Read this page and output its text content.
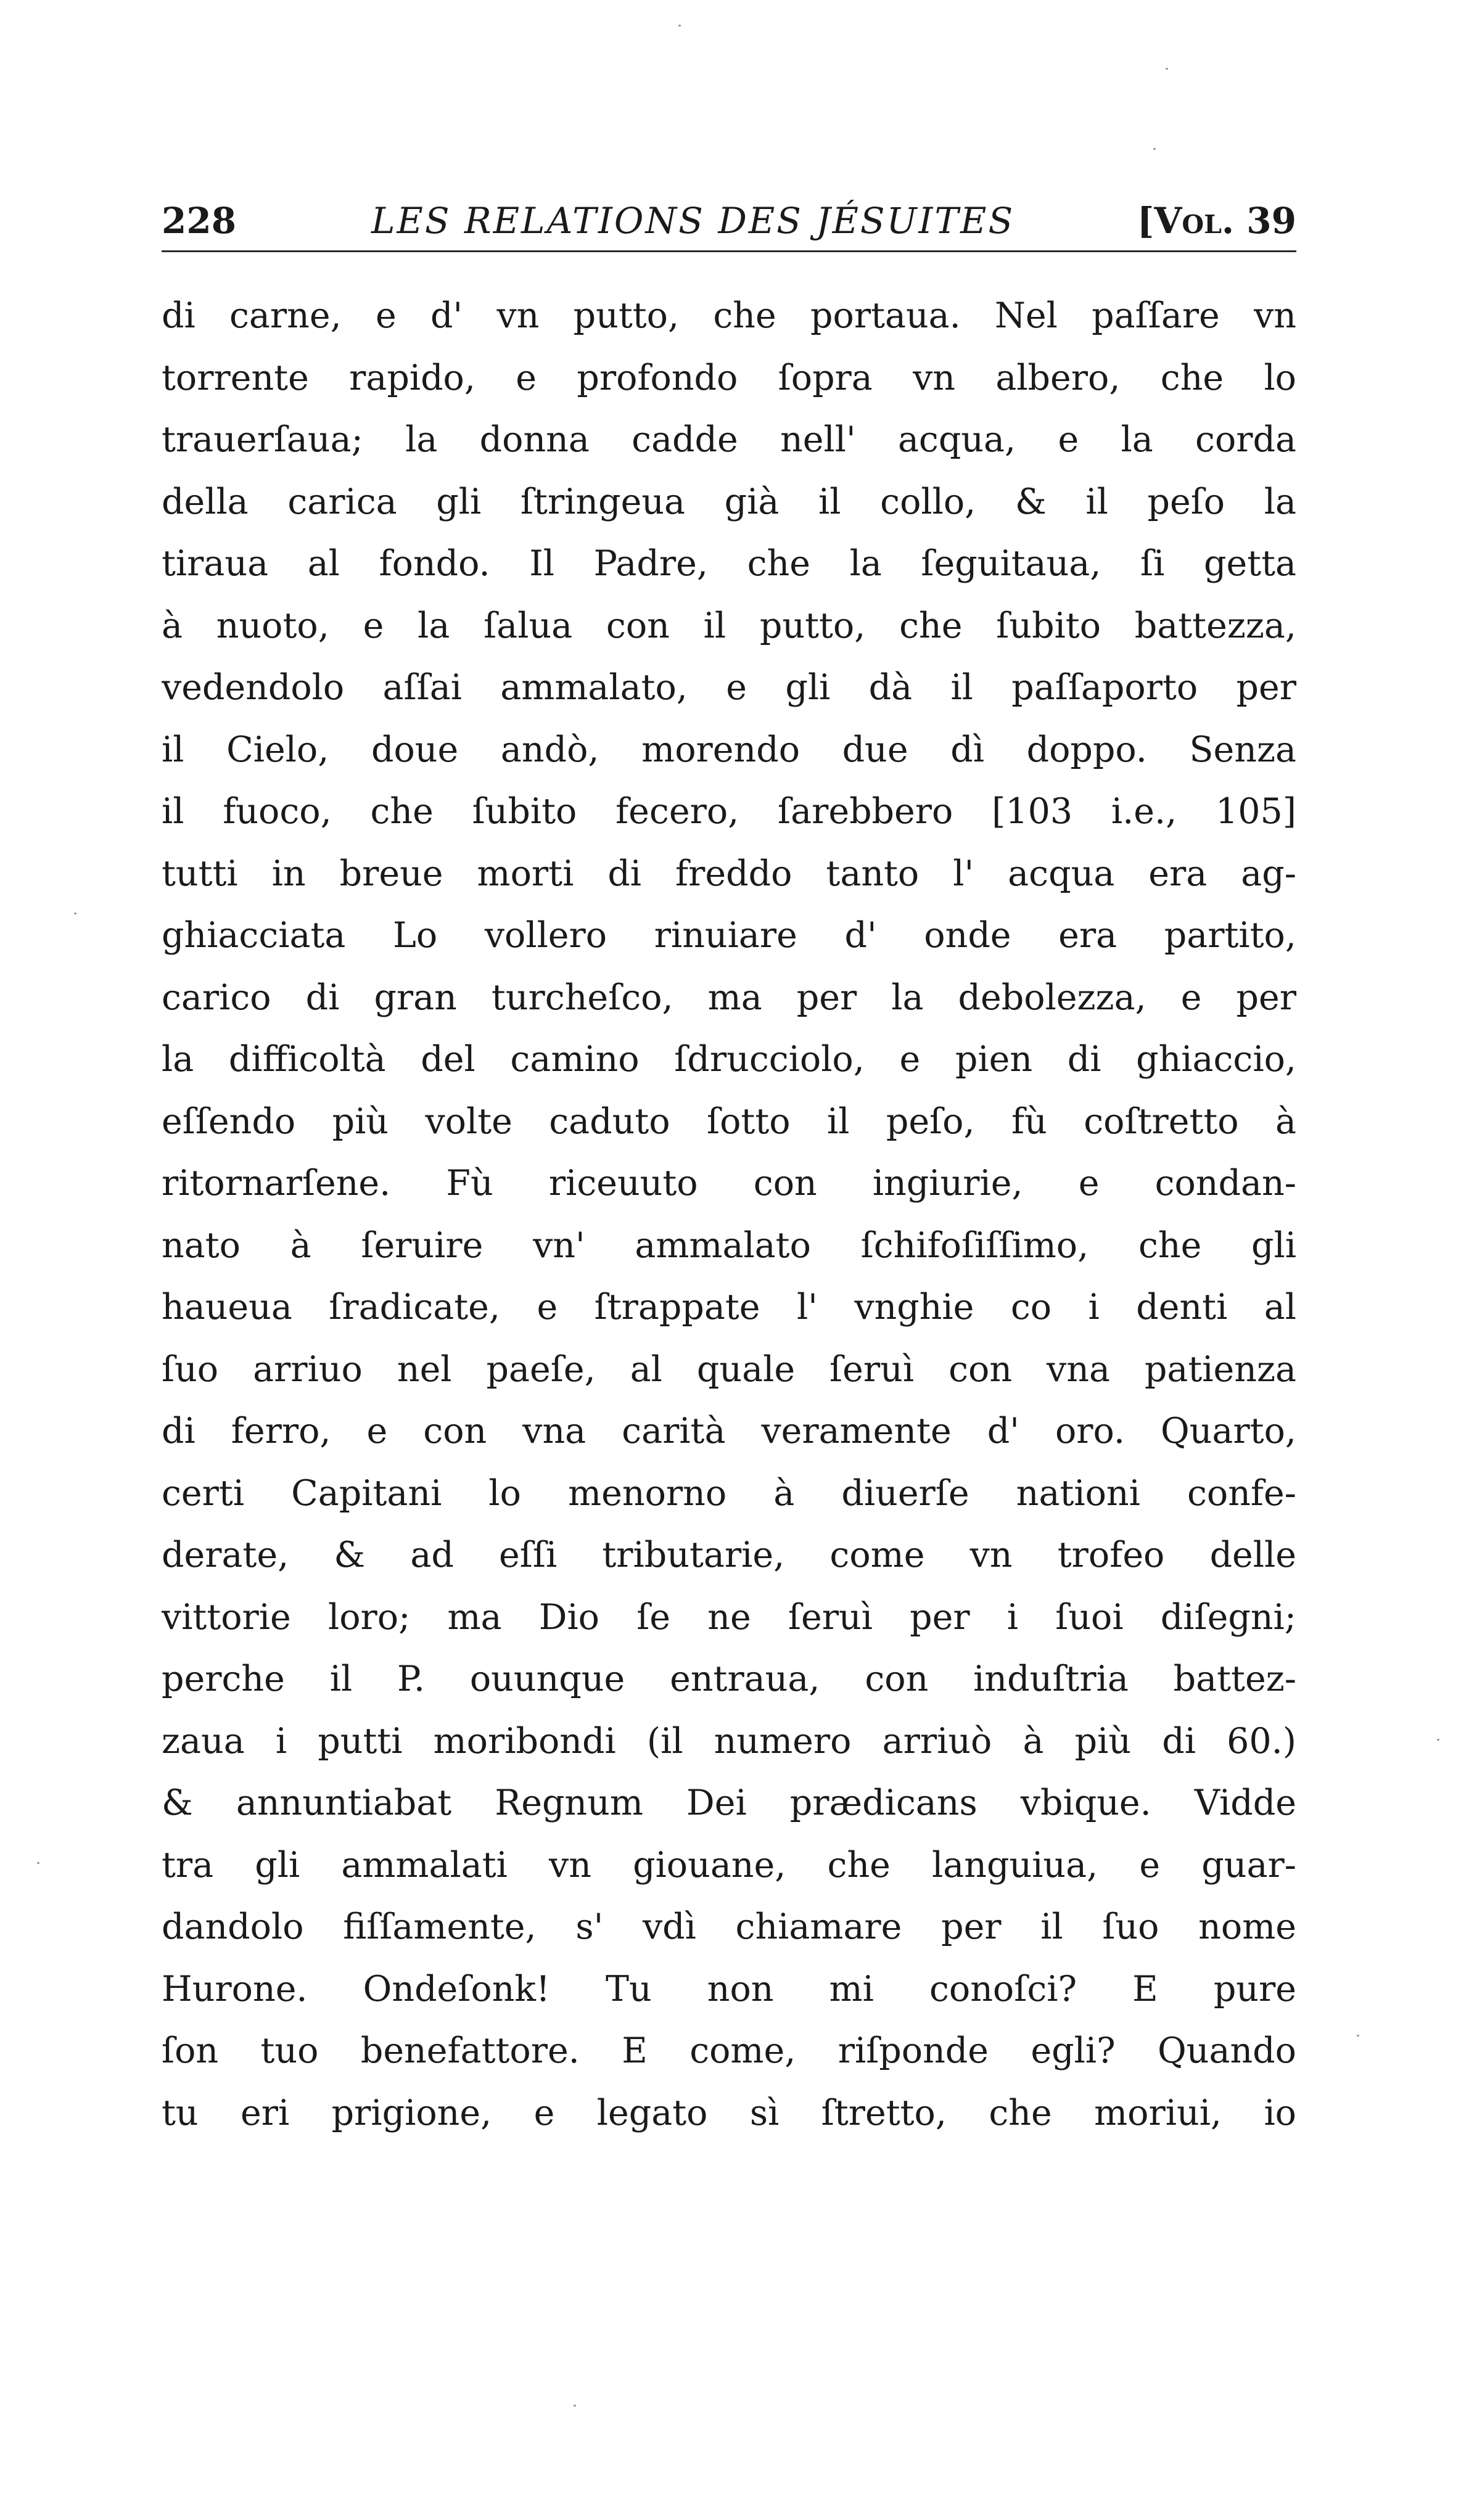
228	LES RELATIONS DES JÉSUITES	[Vol. 39
di carne, e d' vn putto, che portaua. Nel paſſare vn
torrente rapido, e profondo ſopra vn albero, che lo
trauerſaua; la donna cadde nell' acqua, e la corda
della carica gli ſtringeua già il collo, & il peſo la
tiraua al fondo. Il Padre, che la ſeguitaua, ſi getta
à nuoto, e la ſalua con il putto, che ſubito battezza,
vedendolo aſſai ammalato, e gli dà il paſſaporto per
il Cielo, doue andò, morendo due dì doppo. Senza
il fuoco, che ſubito fecero, ſarebbero [103 i.e., 105]
tutti in breue morti di freddo tanto l' acqua era ag-
ghiacciata Lo vollero rinuiare d' onde era partito,
carico di gran turcheſco, ma per la debolezza, e per
la difficoltà del camino ſdrucciolo, e pien di ghiaccio,
eſſendo più volte caduto ſotto il peſo, fù coſtretto à
ritornarſene. Fù riceuuto con ingiurie, e condan-
nato à ſeruire vn' ammalato ſchifoſiſſimo, che gli
haueua ſradicate, e ſtrappate l' vnghie co i denti al
ſuo arriuo nel paeſe, al quale ſeruì con vna patienza
di ferro, e con vna carità veramente d' oro. Quarto,
certi Capitani lo menorno à diuerſe nationi confe-
derate, & ad eſſi tributarie, come vn trofeo delle
vittorie loro; ma Dio ſe ne ſeruì per i ſuoi diſegni;
perche il P. ouunque entraua, con induſtria battez-
zaua i putti moribondi (il numero arriuò à più di 60.)
& annuntiabat Regnum Dei prædicans vbique. Vidde
tra gli ammalati vn giouane, che languiua, e guar-
dandolo fiſſamente, s' vdì chiamare per il ſuo nome
Hurone. Ondeſonk! Tu non mi conoſci? E pure
ſon tuo benefattore. E come, riſponde egli? Quando
tu eri prigione, e legato sì ſtretto, che moriui, io
